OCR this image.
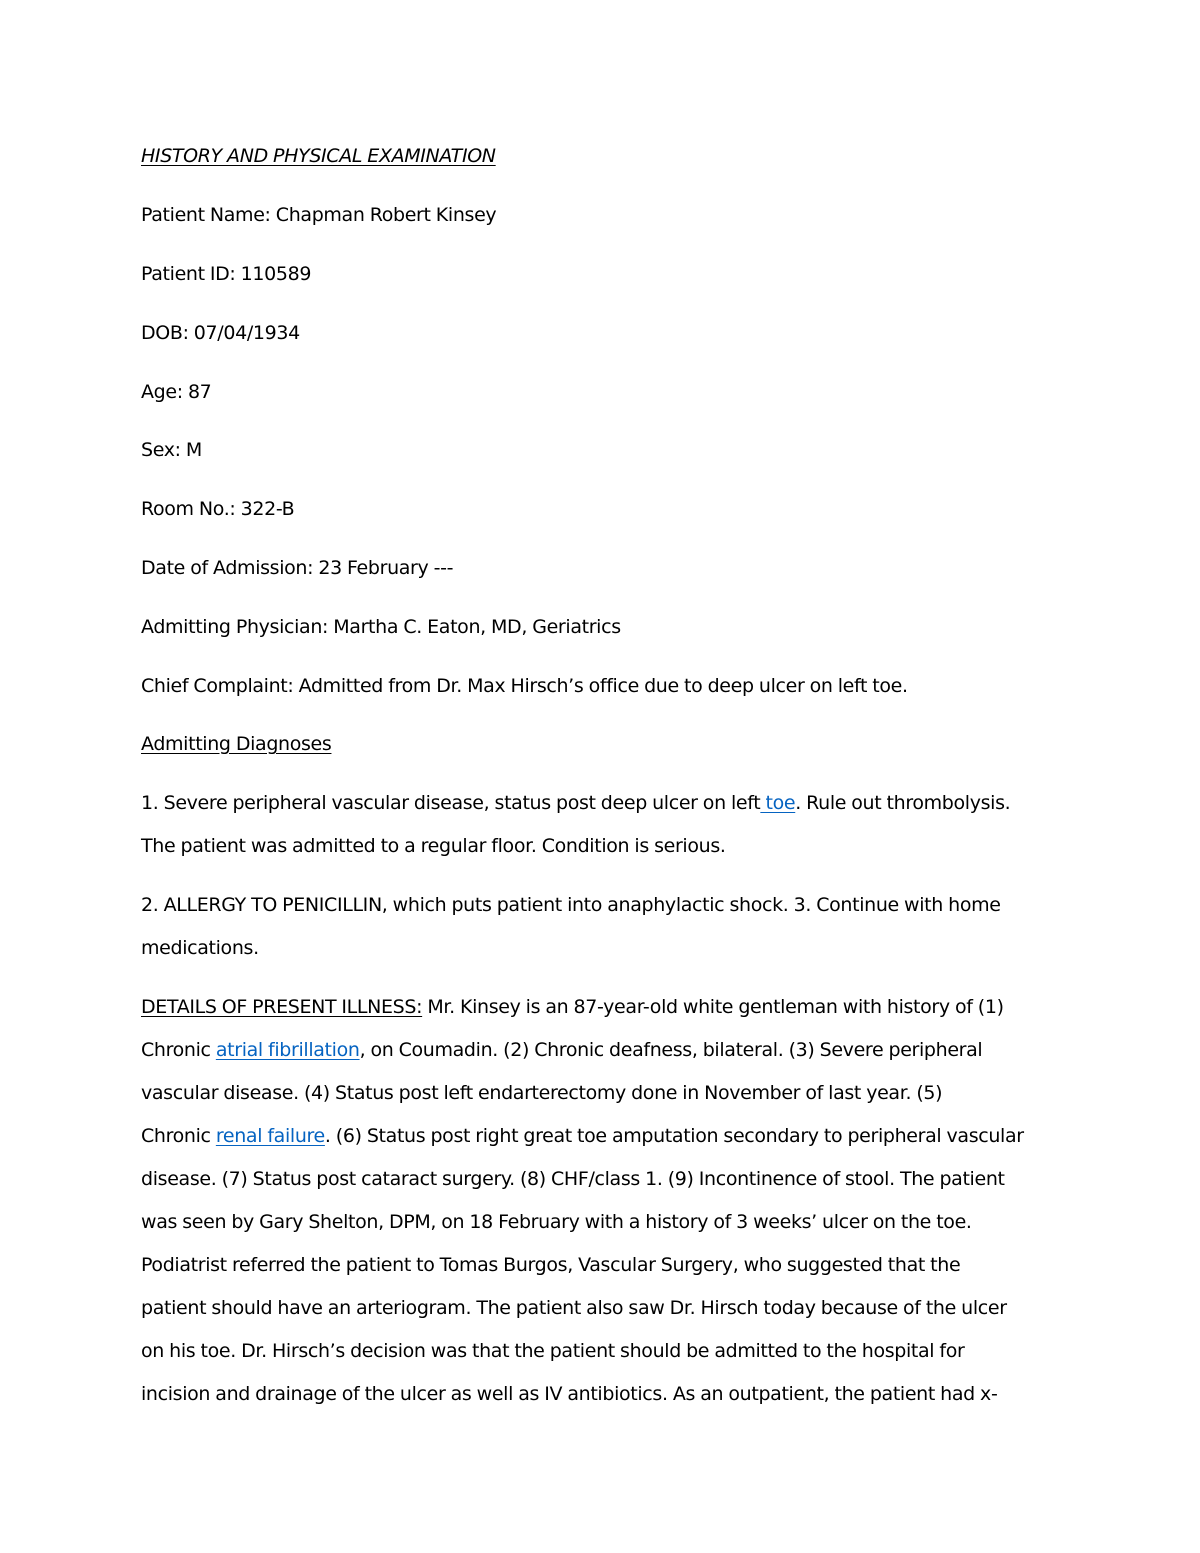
HISTORY AND PHYSICAL EXAMINATION
Patient Name: Chapman Robert Kinsey
Patient ID: 110589
DOB: 07/04/1934
Age: 87
Sex: M
Room No.: 322-B
Date of Admission: 23 February ---
Admitting Physician: Martha C. Eaton, MD, Geriatrics
Chief Complaint: Admitted from Dr. Max Hirsch’s office due to deep ulcer on left toe.
Admitting Diagnoses
1. Severe peripheral vascular disease, status post deep ulcer on left toe. Rule out thrombolysis.
The patient was admitted to a regular floor. Condition is serious.
2. ALLERGY TO PENICILLIN, which puts patient into anaphylactic shock. 3. Continue with home
medications.
DETAILS OF PRESENT ILLNESS: Mr. Kinsey is an 87-year-old white gentleman with history of (1)
Chronic atrial fibrillation, on Coumadin. (2) Chronic deafness, bilateral. (3) Severe peripheral
vascular disease. (4) Status post left endarterectomy done in November of last year. (5)
Chronic renal failure. (6) Status post right great toe amputation secondary to peripheral vascular
disease. (7) Status post cataract surgery. (8) CHF/class 1. (9) Incontinence of stool. The patient
was seen by Gary Shelton, DPM, on 18 February with a history of 3 weeks’ ulcer on the toe.
Podiatrist referred the patient to Tomas Burgos, Vascular Surgery, who suggested that the
patient should have an arteriogram. The patient also saw Dr. Hirsch today because of the ulcer
on his toe. Dr. Hirsch’s decision was that the patient should be admitted to the hospital for
incision and drainage of the ulcer as well as IV antibiotics. As an outpatient, the patient had x-
